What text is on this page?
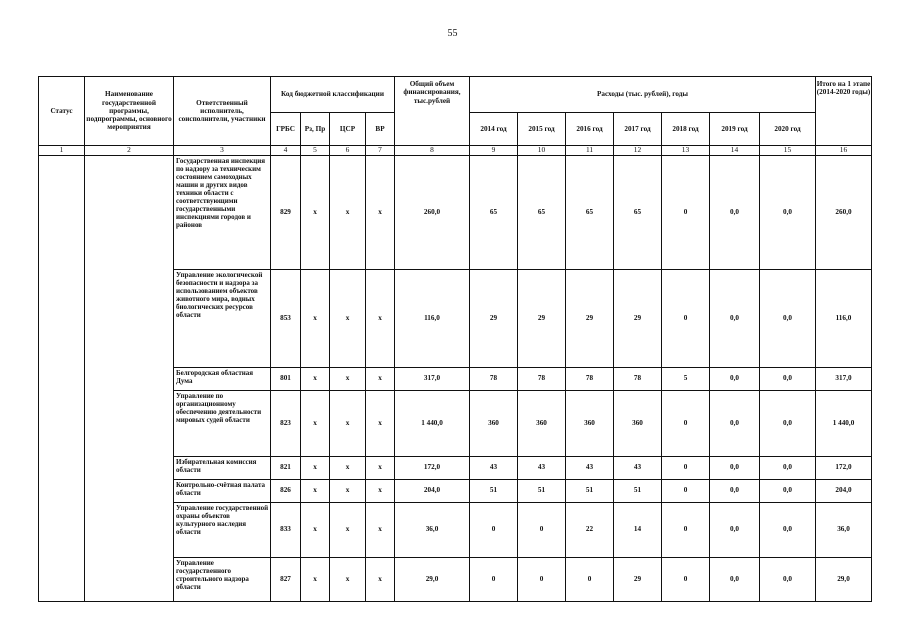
55
Статус	Наименование государственной программы, подпрограммы, основного мероприятия	Ответственный исполнитель, соисполнители, участники	Код бюджетной классификации				Общий объем финансирования, тыс.рублей	Расходы (тыс. рублей), годы							Итого на 1 этапе (2014-2020 годы)
			ГРБС	Рз, Пр	ЦСР	ВР		2014 год	2015 год	2016 год	2017 год	2018 год	2019 год	2020 год	
1	2	3	4	5	6	7	8	9	10	11	12	13	14	15	16
		Государственная инспекция по надзору за техническим состоянием самоходных машин и других видов техники области с соответствующими государственными инспекциями городов и районов	829	х	х	х	260,0	65	65	65	65	0	0,0	0,0	260,0
		Управление экологической безопасности и надзора за использованием объектов животного мира, водных биологических ресурсов области	853	х	х	х	116,0	29	29	29	29	0	0,0	0,0	116,0
		Белгородская областная Дума	801	х	х	х	317,0	78	78	78	78	5	0,0	0,0	317,0
		Управление по организационному обеспечению деятельности мировых судей области	823	х	х	х	1 440,0	360	360	360	360	0	0,0	0,0	1 440,0
		Избирательная комиссия области	821	х	х	х	172,0	43	43	43	43	0	0,0	0,0	172,0
		Контрольно-счётная палата области	826	х	х	х	204,0	51	51	51	51	0	0,0	0,0	204,0
		Управление государственной охраны объектов культурного наследия области	833	х	х	х	36,0	0	0	22	14	0	0,0	0,0	36,0
		Управление государственного строительного надзора области	827	х	х	х	29,0	0	0	0	29	0	0,0	0,0	29,0
